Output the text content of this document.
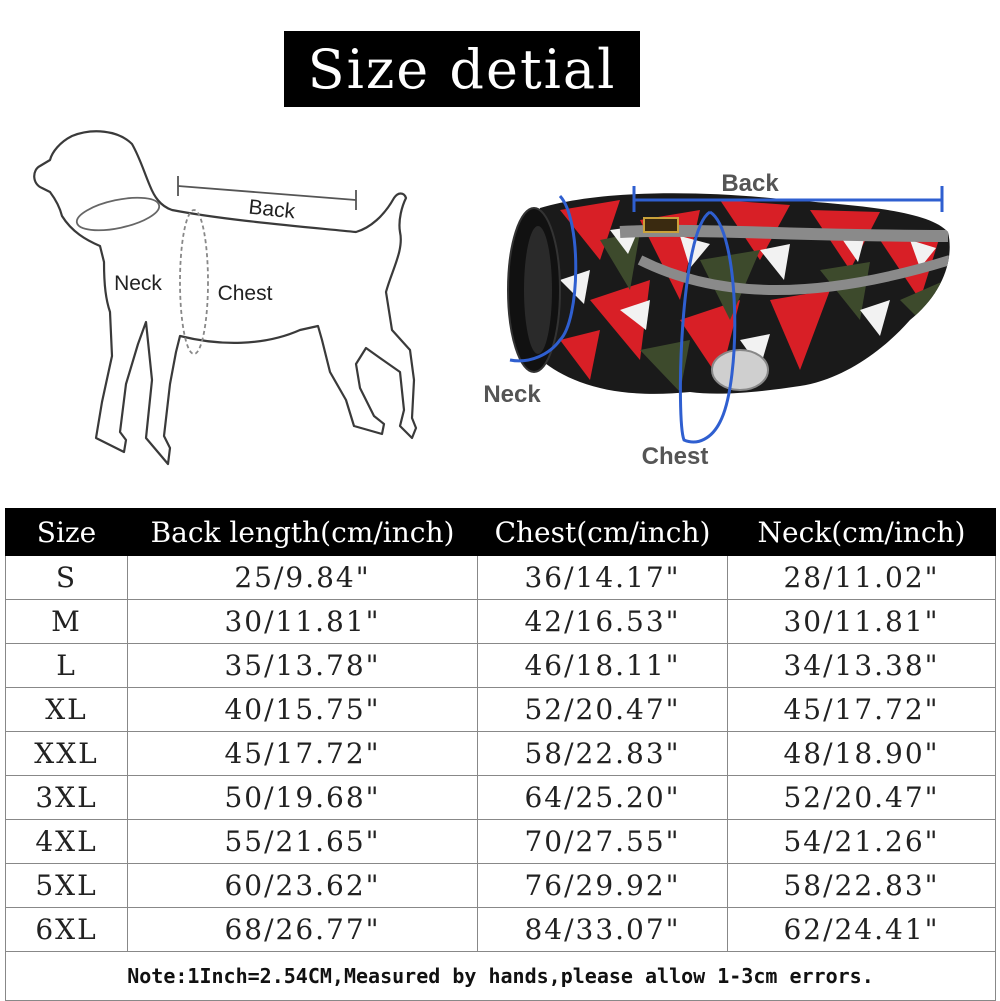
Size detial
Back
Neck	Chest
Back
Neck
Chest
Size	Back length(cm/inch)	Chest(cm/inch)	Neck(cm/inch)
S	25/9.84"	36/14.17"	28/11.02"
M	30/11.81"	42/16.53"	30/11.81"
L	35/13.78"	46/18.11"	34/13.38"
XL	40/15.75"	52/20.47"	45/17.72"
XXL	45/17.72"	58/22.83"	48/18.90"
3XL	50/19.68"	64/25.20"	52/20.47"
4XL	55/21.65"	70/27.55"	54/21.26"
5XL	60/23.62"	76/29.92"	58/22.83"
6XL	68/26.77"	84/33.07"	62/24.41"
Note:1Inch=2.54CM,Measured by hands,please allow 1-3cm errors.			
